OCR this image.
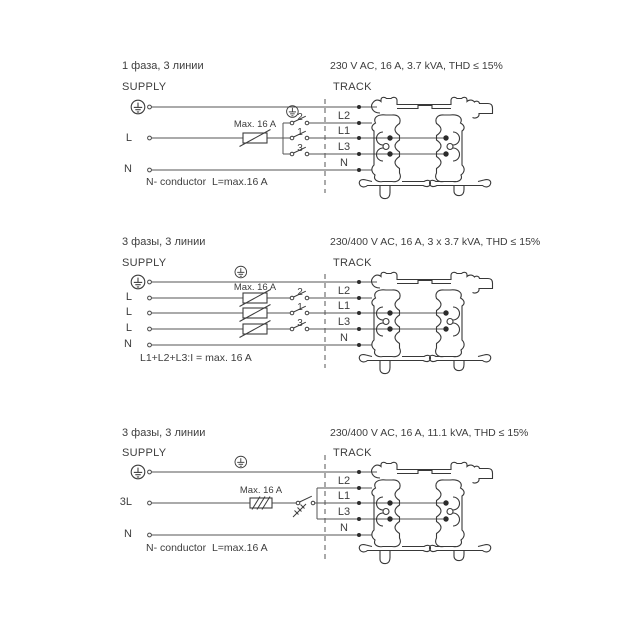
1 фаза, 3 линии	230 V AC, 16 A, 3.7 kVA, THD ≤ 15%
SUPPLY	TRACK
L
N
Max. 16 A
2
1
3
L2
L1
L3
N
N- conductor  L=max.16 A
3 фазы, 3 линии	230/400 V AC, 16 A, 3 x 3.7 kVA, THD ≤ 15%
SUPPLY	TRACK
L
L
L
N
Max. 16 A	2
1
3
L2
L1
L3
N
L1+L2+L3:I = max. 16 A
3 фазы, 3 линии	230/400 V AC, 16 A, 11.1 kVA, THD ≤ 15%
SUPPLY	TRACK
3L
N
Max. 16 A
L2
L1
L3
N
N- conductor  L=max.16 A
